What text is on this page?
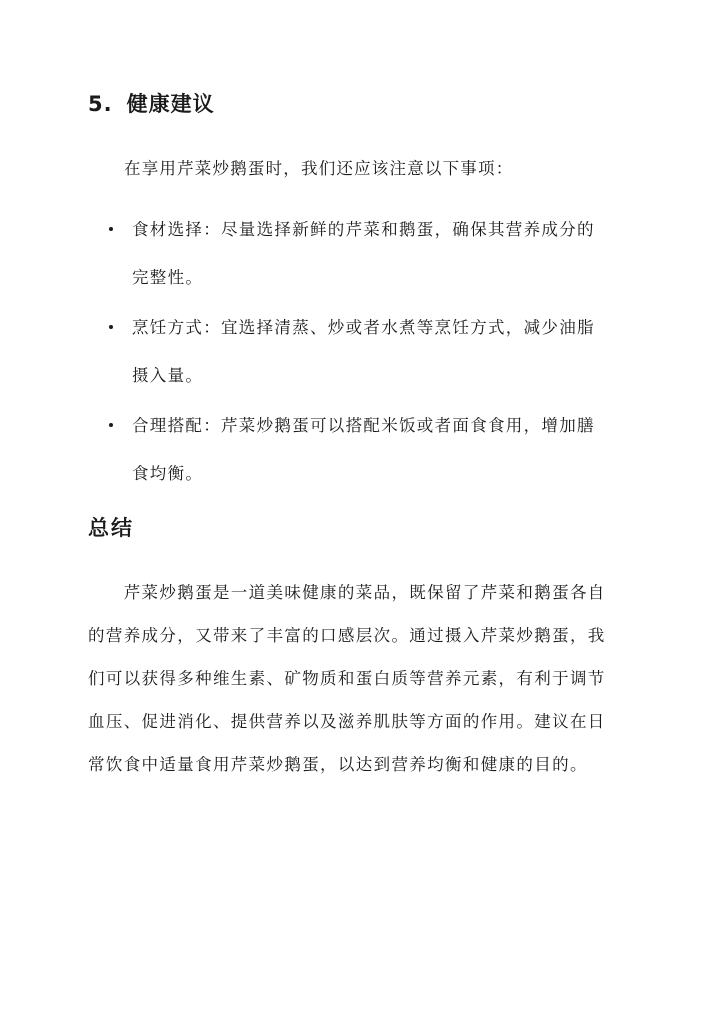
5. 健康建议
在享用芹菜炒鹅蛋时，我们还应该注意以下事项：
食材选择：尽量选择新鲜的芹菜和鹅蛋，确保其营养成分的
完整性。
烹饪方式：宜选择清蒸、炒或者水煮等烹饪方式，减少油脂
摄入量。
合理搭配：芹菜炒鹅蛋可以搭配米饭或者面食食用，增加膳
食均衡。
总结
　　芹菜炒鹅蛋是一道美味健康的菜品，既保留了芹菜和鹅蛋各自
的营养成分，又带来了丰富的口感层次。通过摄入芹菜炒鹅蛋，我
们可以获得多种维生素、矿物质和蛋白质等营养元素，有利于调节
血压、促进消化、提供营养以及滋养肌肤等方面的作用。建议在日
常饮食中适量食用芹菜炒鹅蛋，以达到营养均衡和健康的目的。
